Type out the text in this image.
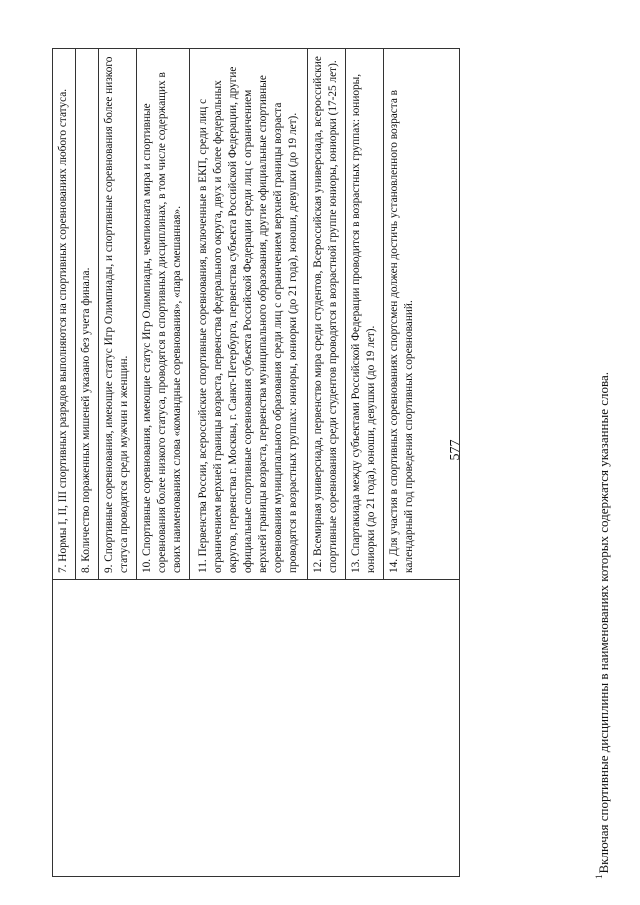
577
7. Нормы I, II, III спортивных разрядов выполняются на спортивных соревнованиях любого статуса. 8. Количество пораженных мишеней указано без учета финала. 9. Спортивные соревнования, имеющие статус Игр Олимпиады, и спортивные соревнования более низкого статуса проводятся среди мужчин и женщин. 10. Спортивные соревнования, имеющие статус Игр Олимпиады, чемпионата мира и спортивные соревнования более низкого статуса, проводятся в спортивных дисциплинах, в том числе содержащих в своих наименованиях слова «командные соревнования», «пара смешанная».	11. Первенства России, всероссийские спортивные соревнования, включенные в ЕКП, среди лиц с ограничением верхней границы возраста, первенства федерального округа, двух и более федеральных округов, первенства г. Москвы, г. Санкт-Петербурга, первенства субъекта Российской Федерации, другие официальные спортивные соревнования субъекта Российской Федерации среди лиц с ограничением верхней границы возраста, первенства муниципального образования, другие официальные спортивные соревнования муниципального образования среди лиц с ограничением верхней границы возраста проводятся в возрастных группах: юниоры, юниорки (до 21 года), юноши, девушки (до 19 лет).	12. Всемирная универсиада, первенство мира среди студентов, Всероссийская универсиада, всероссийские спортивные соревнования среди студентов проводятся в возрастной группе юниоры, юниорки (17-25 лет). 13. Спартакиада между субъектами Российской Федерации проводится в возрастных группах: юниоры, юниорки (до 21 года), юноши, девушки (до 19 лет). 14. Для участия в спортивных соревнованиях спортсмен должен достичь установленного возраста в календарный год проведения спортивных соревнований.
$^1$Включая спортивные дисциплины в наименованиях которых содержатся указанные слова.
